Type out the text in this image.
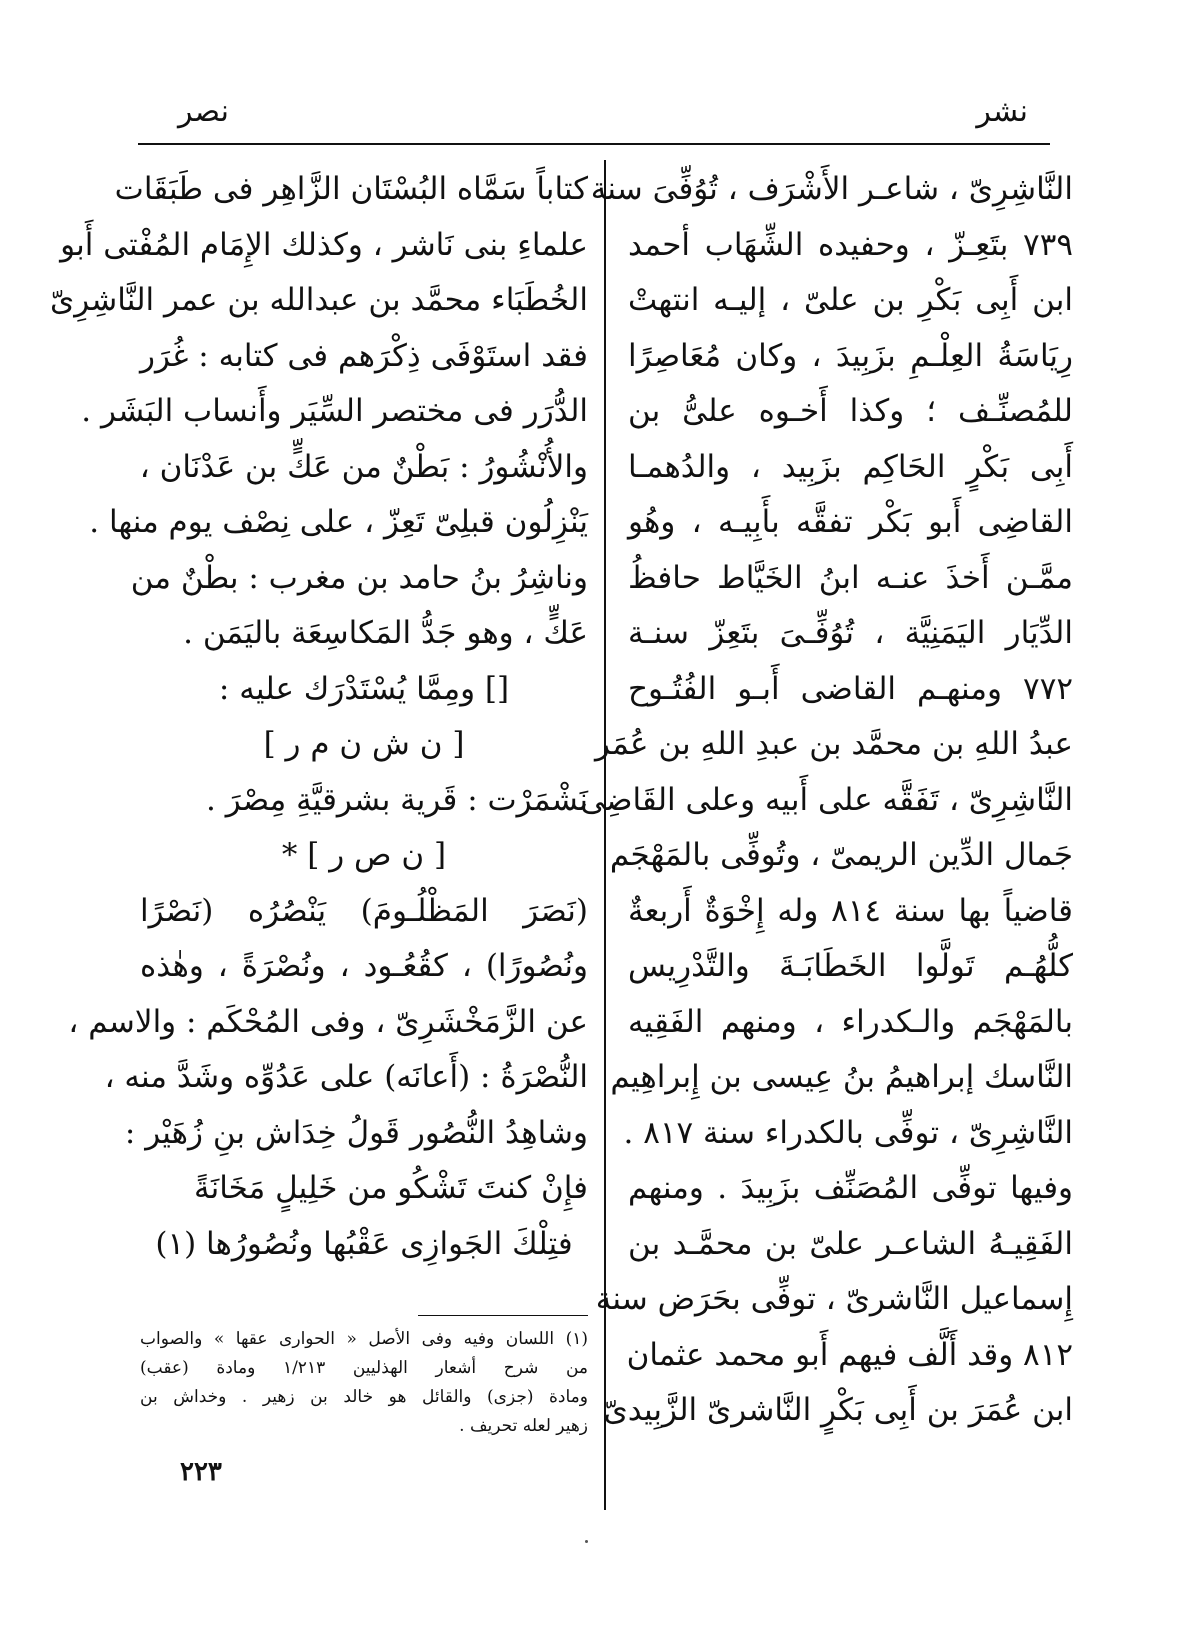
نشر
نصر
النَّاشِرِىّ ، شاعـر الأَشْرَف ، تُوُفِّىَ سنة
٧٣٩ بتَعِـزّ ، وحفيده الشِّهَاب أحمد
ابن أَبِى بَكْرِ بن علىّ ، إليـه انتهتْ
رِيَاسَةُ العِلْـمِ بزَبِيدَ ، وكان مُعَاصِرًا
للمُصنِّـف ؛ وكذا أَخـوه علىُّ بن
أَبِى بَكْرٍ الحَاكِم بزَبِيد ، والدُهمـا
القاضِى أَبو بَكْر تفقَّه بأَبِيـه ، وهُو
ممَّـن أَخذَ عنـه ابنُ الخَيَّاط حافظُ
الدِّيَار اليَمَنِيَّة ، تُوُفِّـىَ بتَعِزّ سنـة
٧٧٢ ومنهـم القاضى أَبـو الفُتُـوح
عبدُ اللهِ بن محمَّد بن عبدِ اللهِ بن عُمَر
النَّاشِرِىّ ، تَفَقَّه على أَبيه وعلى القَاضِى
جَمال الدِّين الريمىّ ، وتُوفِّى بالمَهْجَم
قاضياً بها سنة ٨١٤ وله إِخْوَةٌ أَربعةٌ
كلُّهُـم تَولَّوا الخَطَابَـةَ والتَّدْرِيس
بالمَهْجَم والـكدراء ، ومنهم الفَقِيه
النَّاسك إبراهيمُ بنُ عِيسى بن إِبراهِيم
النَّاشِرِىّ ، توفِّى بالكدراء سنة ٨١٧ .
وفيها توفِّى المُصَنِّف بزَبِيدَ . ومنهم
الفَقِيـهُ الشاعـر علىّ بن محمَّـد بن
إِسماعيل النَّاشرىّ ، توفِّى بحَرَض سنة
٨١٢ وقد أَلَّف فيهم أَبو محمد عثمان
ابن عُمَرَ بن أَبِى بَكْرٍ النَّاشرىّ الزَّبِيدىّ
كتاباً سَمَّاه البُسْتَان الزَّاهِر فى طَبَقَات
علماءِ بنى نَاشر ، وكذلك الإِمَام المُفْتى أَبو
الخُطَبَاء محمَّد بن عبدالله بن عمر النَّاشِرِىّ
فقد استَوْفَى ذِكْرَهم فى كتابه : غُرَر
الدُّرَر فى مختصر السِّيَر وأَنساب البَشَر .
والأُنْشُورُ : بَطْنٌ من عَكٍّ بن عَدْنَان ،
يَنْزِلُون قبلِىّ تَعِزّ ، على نِصْف يوم منها .
وناشِرُ بنُ حامد بن مغرب : بطْنٌ من
عَكٍّ ، وهو جَدُّ المَكاسِعَة باليَمَن .
[] ومِمَّا يُسْتَدْرَك عليه :
[ ن ش ن م ر ]
نَشْمَرْت : قَرية بشرقيَّةِ مِصْرَ .
[ ن ص ر ] *
(نَصَرَ المَظْلُـومَ) يَنْصُرُه (نَصْرًا
ونُصُورًا) ، كقُعُـود ، ونُصْرَةً ، وهٰذه
عن الزَّمَخْشَرِىّ ، وفى المُحْكَم : والاسم ،
النُّصْرَةُ : (أَعانَه) على عَدُوِّه وشَدَّ منه ،
وشاهِدُ النُّصُور قَولُ خِدَاش بنِ زُهَيْر :
فإِنْ كنتَ تَشْكُو من خَلِيلٍ مَخَانَةً
فتِلْكَ الجَوازِى عَقْبُها ونُصُورُها (١)
(١) اللسان وفيه وفى الأصل « الحوارى عقها » والصواب
من شرح أشعار الهذليين ١/٢١٣ ومادة (عقب)
ومادة (جزى) والقائل هو خالد بن زهير . وخداش بن
زهير لعله تحريف .
٢٢٣
